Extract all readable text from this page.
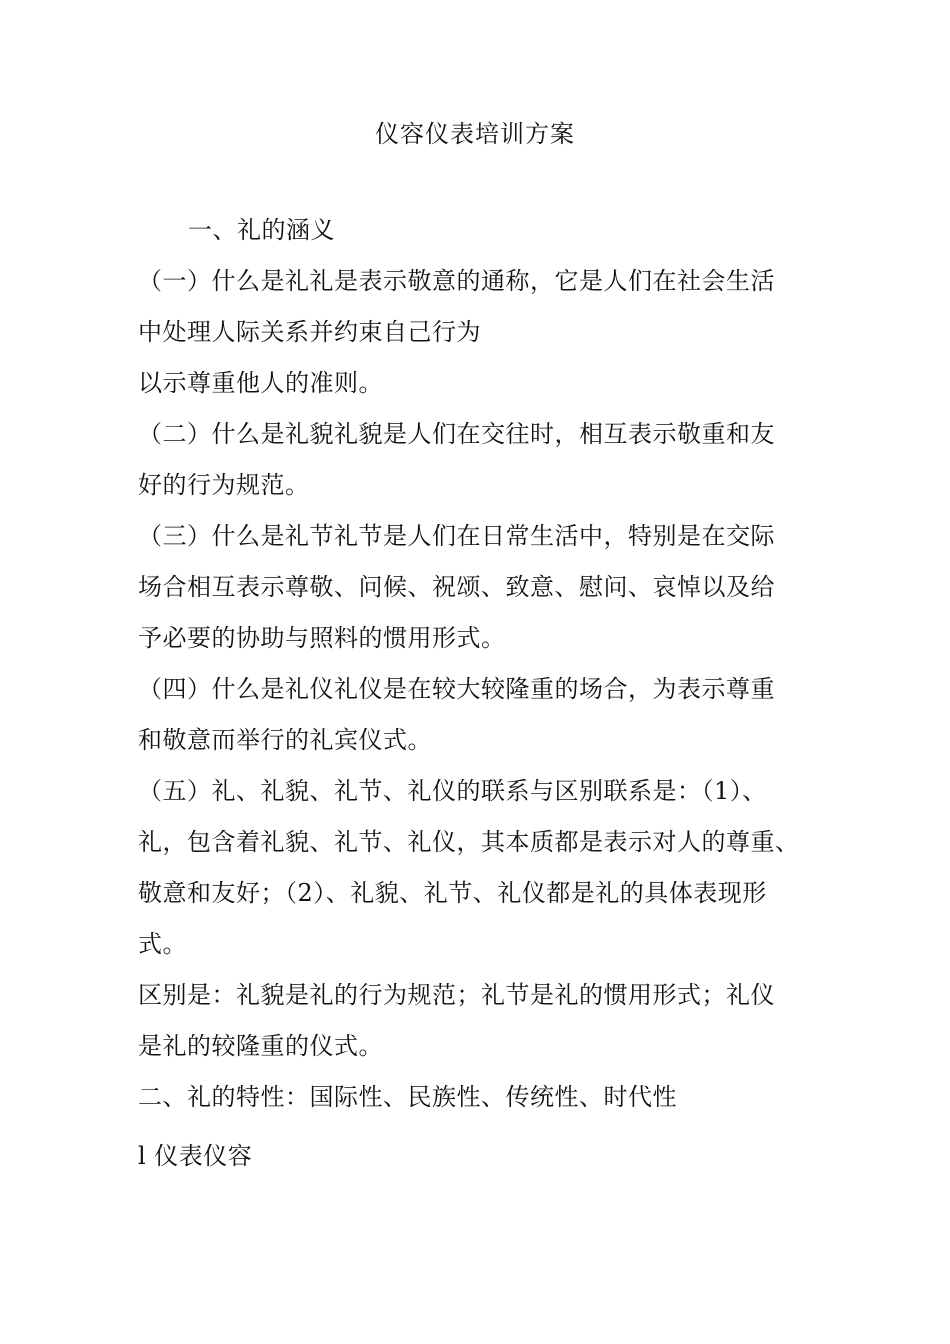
仪容仪表培训方案
一、礼的涵义
（一）什么是礼礼是表示敬意的通称，它是人们在社会生活
中处理人际关系并约束自己行为
以示尊重他人的准则。
（二）什么是礼貌礼貌是人们在交往时，相互表示敬重和友
好的行为规范。
（三）什么是礼节礼节是人们在日常生活中，特别是在交际
场合相互表示尊敬、问候、祝颂、致意、慰问、哀悼以及给
予必要的协助与照料的惯用形式。
（四）什么是礼仪礼仪是在较大较隆重的场合，为表示尊重
和敬意而举行的礼宾仪式。
（五）礼、礼貌、礼节、礼仪的联系与区别联系是：（1）、
礼，包含着礼貌、礼节、礼仪，其本质都是表示对人的尊重、
敬意和友好；（2）、礼貌、礼节、礼仪都是礼的具体表现形
式。
区别是：礼貌是礼的行为规范；礼节是礼的惯用形式；礼仪
是礼的较隆重的仪式。
二、礼的特性：国际性、民族性、传统性、时代性
l 仪表仪容
